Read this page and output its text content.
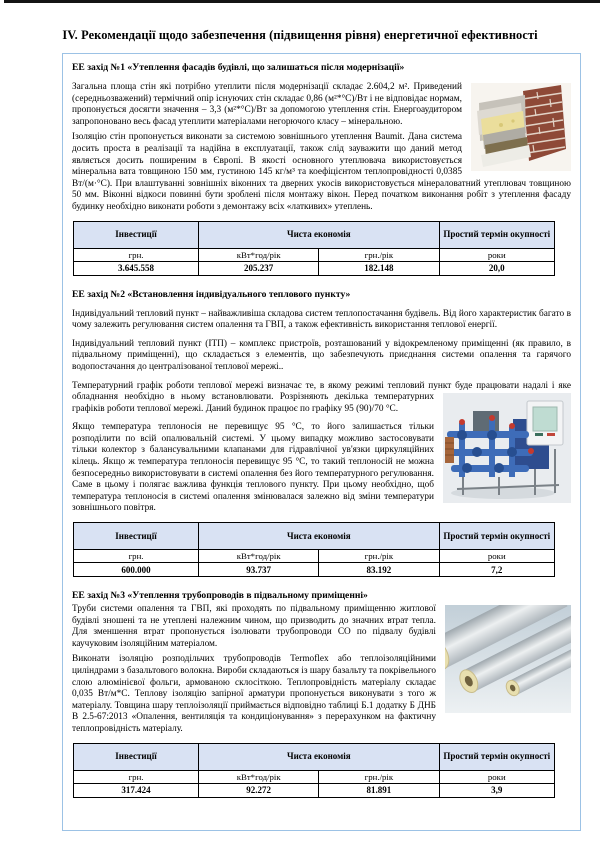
IV. Рекомендації щодо забезпечення (підвищення рівня) енергетичної ефективності
ЕЕ захід №1 «Утеплення фасадів будівлі, що залишаться після модернізації»
Загальна площа стін які потрібно утеплити після модернізації складає 2.604,2 м². Приведений
(середньозважений) термічний опір існуючих стін складає 0,86 (м²*°С)/Вт і не відповідає нормам, пропонується досягти значення – 3,3 (м²*°С)/Вт за допомогою утеплення стін. Енергоаудитором запропоновано весь фасад утеплити матеріалами негорючого класу – мінеральною.
Ізоляцію стін пропонується виконати за системою зовнішнього утеплення Baumit. Дана система досить проста в реалізації та надійна в експлуатації, також слід зауважити що даний метод являється досить поширеним в Європі. В якості основного утеплювача використовується мінеральна вата товщиною 150 мм, густиною 145 кг/м³ та коефіцієнтом теплопровідності 0,0385 Вт/(м·°С). При влаштуванні зовнішніх віконних та дверних укосів використовується мінераловатний утеплювач товщиною 50 мм. Віконні відкоси повинні бути зроблені після монтажу вікон. Перед початком виконання робіт з утеплення фасаду будинку необхідно виконати роботи з демонтажу всіх «латкивих» утеплень.
Інвестиції	Чиста економія		Простий термін окупності
грн.	кВт*год/рік	грн./рік	роки
3.645.558	205.237	182.148	20,0
ЕЕ захід №2 «Встановлення індивідуального теплового пункту»
Індивідуальний тепловий пункт – найважливіша складова систем теплопостачання будівель. Від його характеристик багато в чому залежить регулювання систем опалення та ГВП, а також ефективність використання теплової енергії.
Індивідуальний тепловий пункт (ІТП) – комплекс пристроїв, розташований у відокремленому приміщенні (як правило, в підвальному приміщенні), що складається з елементів, що забезпечують приєднання системи опалення та гарячого водопостачання до централізованої теплової мережі..
Температурний графік роботи теплової мережі визначає те, в якому режимі тепловий пункт буде працювати надалі і яке обладнання необхідно в ньому встановлювати. Розрізняють декілька температурних графіків роботи теплової мережі. Даний будинок працює по графіку 95 (90)/70 °С.
Якщо температура теплоносія не перевищує 95 °С, то його залишається тільки розподілити по всій опалювальній системі. У цьому випадку можливо застосовувати тільки колектор з балансувальними клапанами для гідравлічної ув'язки циркуляційних кілець. Якщо ж температура теплоносія перевищує 95 °С, то такий теплоносій не можна безпосередньо використовувати в системі опалення без його температурного регулювання. Саме в цьому і полягає важлива функція теплового пункту. При цьому необхідно, щоб температура теплоносія в системі опалення змінювалася залежно від зміни температури зовнішнього повітря.
Інвестиції	Чиста економія		Простий термін окупності
грн.	кВт*год/рік	грн./рік	роки
600.000	93.737	83.192	7,2
ЕЕ захід №3 «Утеплення трубопроводів в підвальному приміщенні»
Труби системи опалення та ГВП, які проходять по підвальному приміщенню житлової будівлі зношені та не утеплені належним чином, що призводить до значних втрат тепла. Для зменшення втрат пропонується ізолювати трубопроводи СО по підвалу будівлі каучуковим ізоляційним матеріалом.
Виконати ізоляцію розподільчих трубопроводів Termoflex або теплоізоляційними циліндрами з базальтового волокна. Вироби складаються із шару базальту та покрівельного слою алюмінієвої фольги, армованою склосіткою. Теплопровідність матеріалу складає 0,035 Вт/м*С. Теплову ізоляцію запірної арматури пропонується виконувати з того ж матеріалу. Товщина шару теплоізоляції приймається відповідно таблиці Б.1 додатку Б ДНБ В 2.5-67:2013 «Опалення, вентиляція та кондиціонування» з перерахунком на фактичну теплопровідність матеріалу.
Інвестиції	Чиста економія		Простий термін окупності
грн.	кВт*год/рік	грн./рік	роки
317.424	92.272	81.891	3,9
